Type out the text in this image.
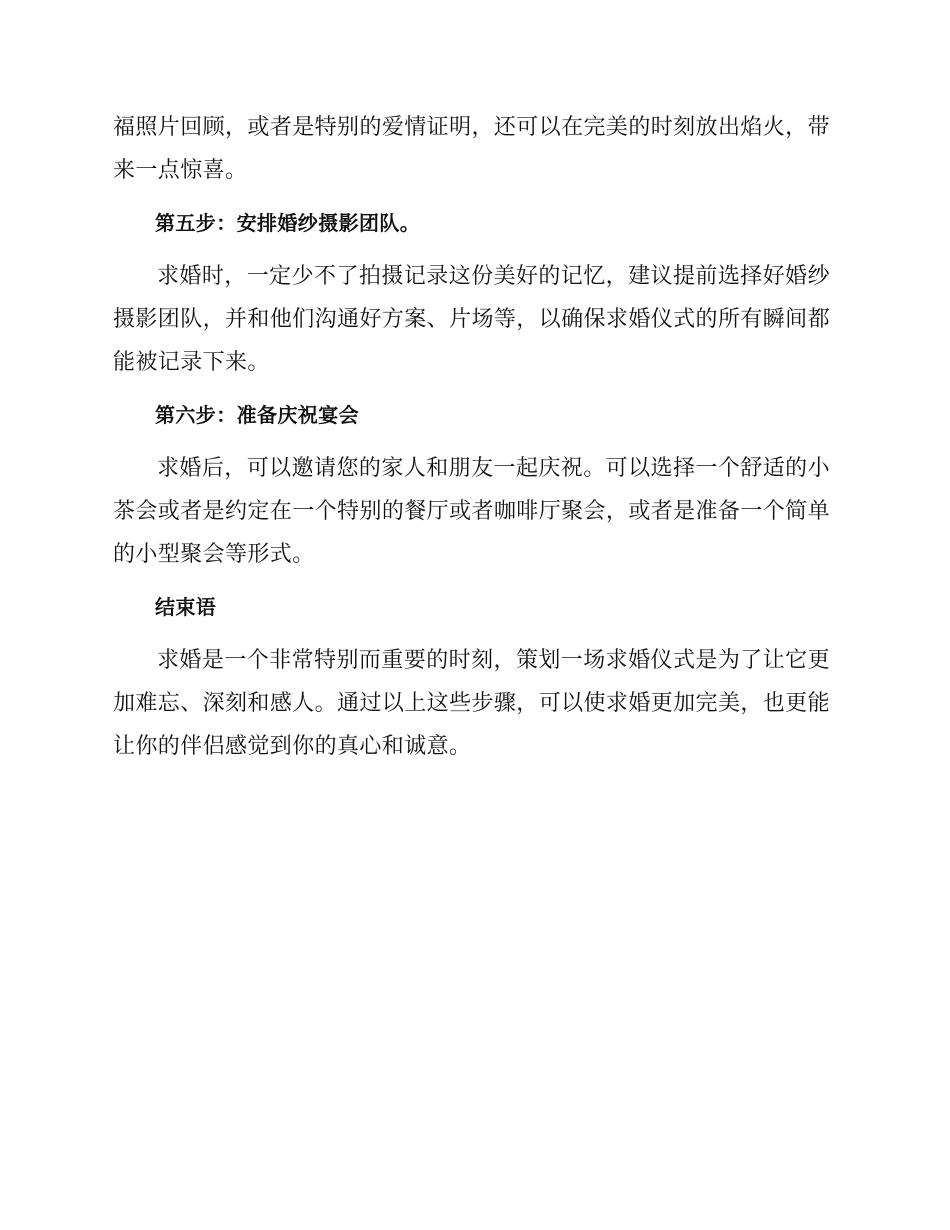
福照片回顾，或者是特别的爱情证明，还可以在完美的时刻放出焰火，带来一点惊喜。

第五步：安排婚纱摄影团队。

求婚时，一定少不了拍摄记录这份美好的记忆，建议提前选择好婚纱摄影团队，并和他们沟通好方案、片场等，以确保求婚仪式的所有瞬间都能被记录下来。

第六步：准备庆祝宴会

求婚后，可以邀请您的家人和朋友一起庆祝。可以选择一个舒适的小茶会或者是约定在一个特别的餐厅或者咖啡厅聚会，或者是准备一个简单的小型聚会等形式。

结束语

求婚是一个非常特别而重要的时刻，策划一场求婚仪式是为了让它更加难忘、深刻和感人。通过以上这些步骤，可以使求婚更加完美，也更能让你的伴侣感觉到你的真心和诚意。
